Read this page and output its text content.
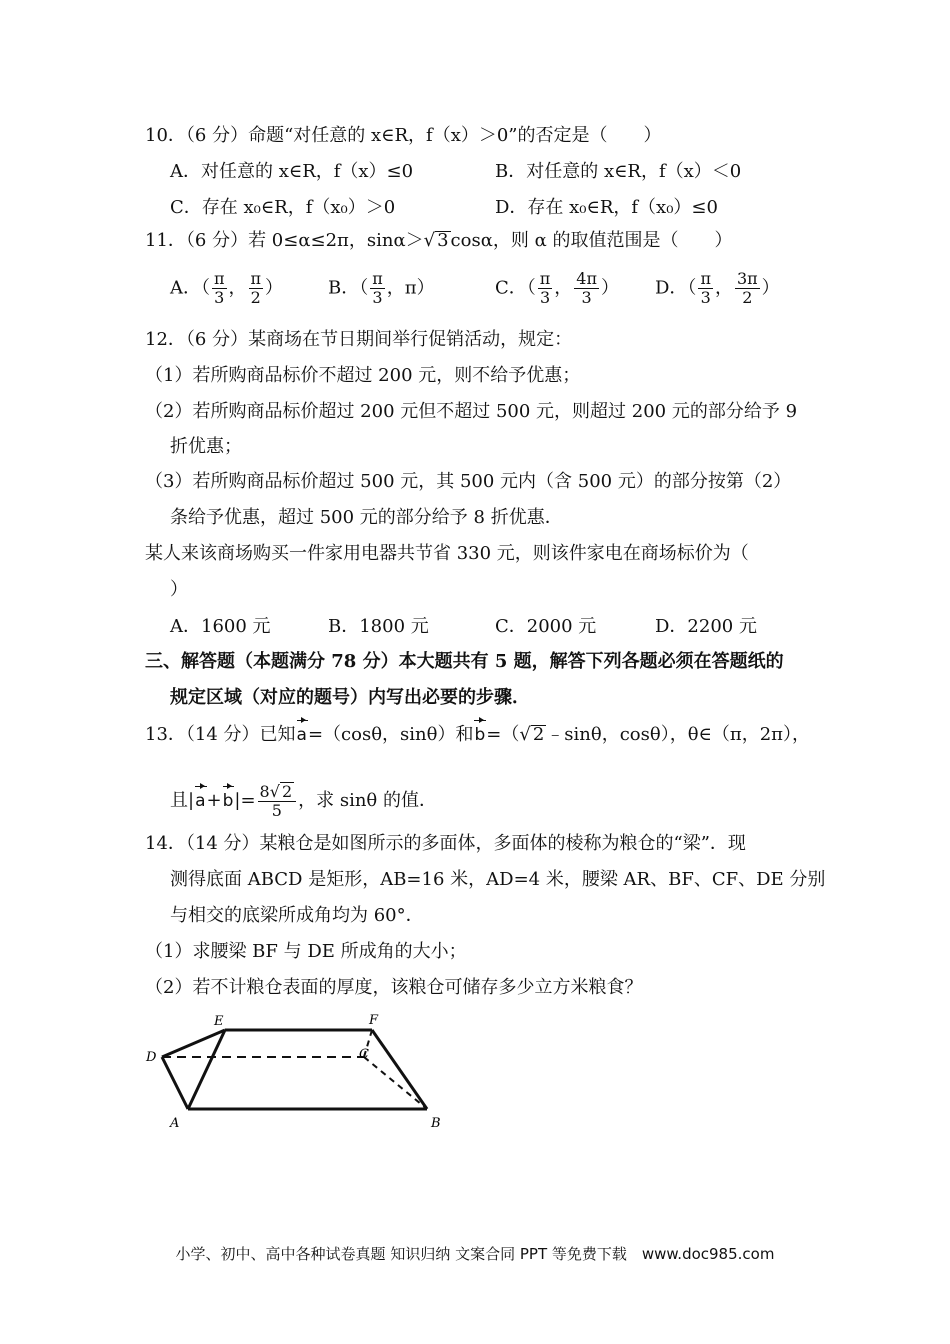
10．（6 分）命题“对任意的 x∈R，f（x）＞0”的否定是（　　）
A．对任意的 x∈R，f（x）≤0	B．对任意的 x∈R，f（x）＜0
C．存在 x₀∈R，f（x₀）＞0	D．存在 x₀∈R，f（x₀）≤0
11．（6 分）若 0≤α≤2π，sinα＞√ 3 cosα，则 α 的取值范围是（　　）
A．（ $\frac{\pi}{3}$ ， $\frac{\pi}{2}$ ） B．（ $\frac{\pi}{3}$ ，π）	C．（ $\frac{\pi}{3}$ ， $\frac{4\pi}{3}$ ） D．（ $\frac{\pi}{3}$ ， $\frac{3\pi}{2}$ ）
12．（6 分）某商场在节日期间举行促销活动，规定：
（1）若所购商品标价不超过 200 元，则不给予优惠；
（2）若所购商品标价超过 200 元但不超过 500 元，则超过 200 元的部分给予 9
折优惠；
（3）若所购商品标价超过 500 元，其 500 元内（含 500 元）的部分按第（2）
条给予优惠，超过 500 元的部分给予 8 折优惠．
某人来该商场购买一件家用电器共节省 330 元，则该件家电在商场标价为（
）
A．1600 元	B．1800 元	C．2000 元	D．2200 元
三、解答题（本题满分 78 分）本大题共有 5 题，解答下列各题必须在答题纸的
规定区域（对应的题号）内写出必要的步骤．
13．（14 分）已知a=（cosθ，sinθ）和b=（√ 2 ﹣sinθ，cosθ），θ∈（π，2π），
且$|a+b|= \frac{8√ 2}{5}$ ，求 sinθ 的值．
14．（14 分）某粮仓是如图所示的多面体，多面体的棱称为粮仓的“梁”．现
测得底面 ABCD 是矩形，AB=16 米，AD=4 米，腰梁 AR、BF、CF、DE 分别
与相交的底梁所成角均为 60°．
（1）求腰梁 BF 与 DE 所成角的大小；
（2）若不计粮仓表面的厚度，该粮仓可储存多少立方米粮食？
E	F
D	C
A	B
小学、初中、高中各种试卷真题 知识归纳 文案合同 PPT 等免费下载　www.doc985.com
